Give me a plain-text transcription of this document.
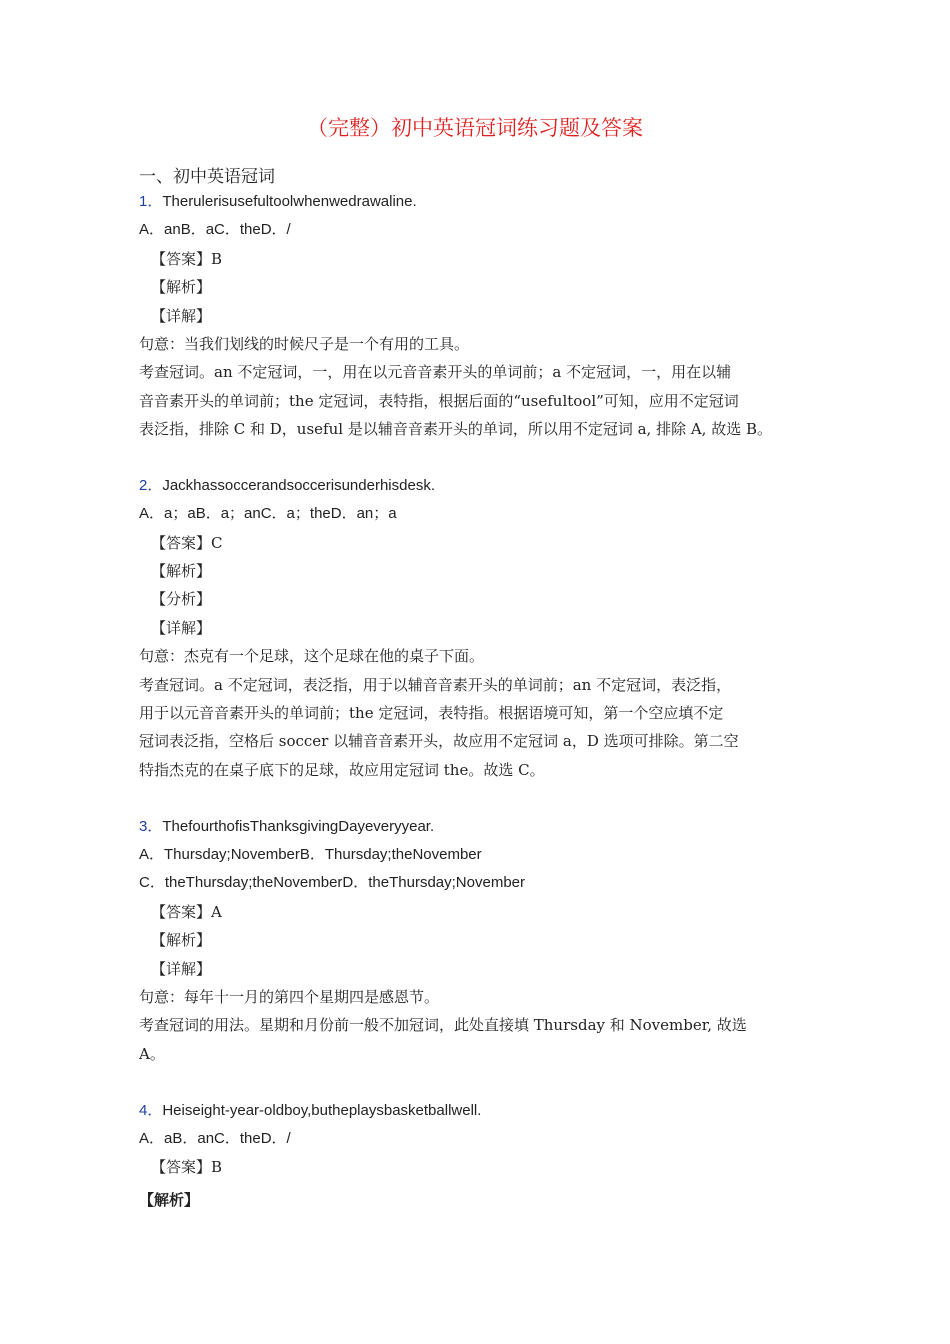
（完整）初中英语冠词练习题及答案
一、初中英语冠词
1．Therulerisusefultoolwhenwedrawaline.
A．anB．aC．theD．/
【答案】B
【解析】
【详解】
句意：当我们划线的时候尺子是一个有用的工具。
考查冠词。an 不定冠词，一，用在以元音音素开头的单词前；a 不定冠词，一，用在以辅
音音素开头的单词前；the 定冠词，表特指，根据后面的“usefultool”可知，应用不定冠词
表泛指，排除 C 和 D，useful 是以辅音音素开头的单词，所以用不定冠词 a, 排除 A, 故选 B。
2．Jackhassoccerandsoccerisunderhisdesk.
A．a；aB．a；anC．a；theD．an；a
【答案】C
【解析】
【分析】
【详解】
句意：杰克有一个足球，这个足球在他的桌子下面。
考查冠词。a 不定冠词，表泛指，用于以辅音音素开头的单词前；an 不定冠词，表泛指，
用于以元音音素开头的单词前；the 定冠词，表特指。根据语境可知，第一个空应填不定
冠词表泛指，空格后 soccer 以辅音音素开头，故应用不定冠词 a，D 选项可排除。第二空
特指杰克的在桌子底下的足球，故应用定冠词 the。故选 C。
3．ThefourthofisThanksgivingDayeveryyear.
A．Thursday;NovemberB．Thursday;theNovember
C．theThursday;theNovemberD．theThursday;November
【答案】A
【解析】
【详解】
句意：每年十一月的第四个星期四是感恩节。
考查冠词的用法。星期和月份前一般不加冠词，此处直接填 Thursday 和 November, 故选
A。
4．Heiseight-year-oldboy,butheplaysbasketballwell.
A．aB．anC．theD．/
【答案】B
【解析】
